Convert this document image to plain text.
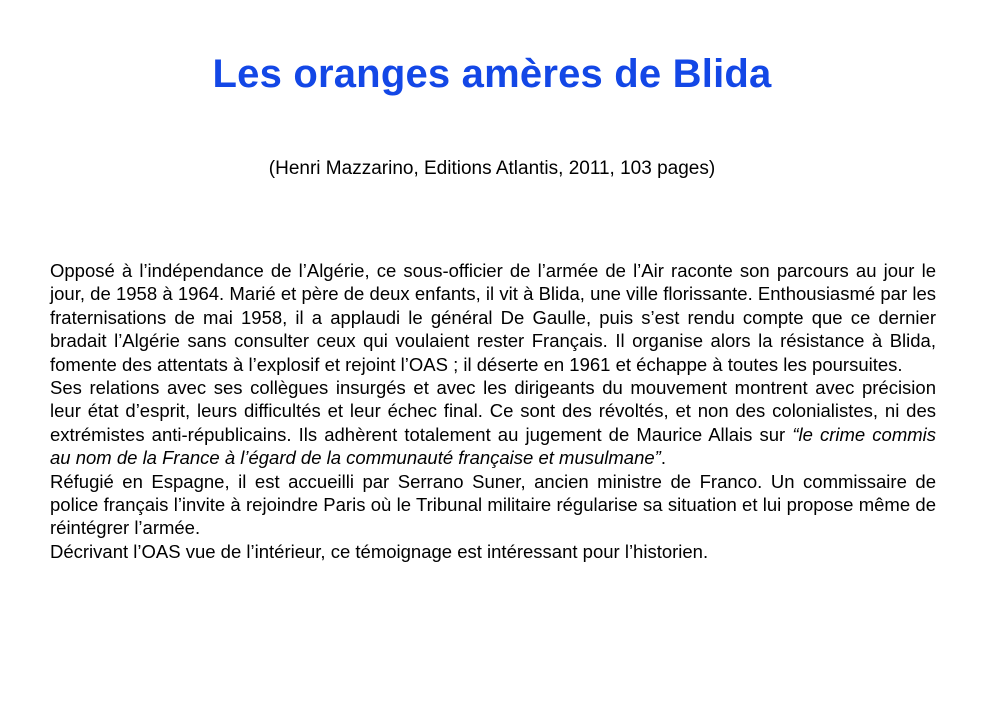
Les oranges amères de Blida
(Henri Mazzarino, Editions Atlantis, 2011, 103 pages)

Opposé à l’indépendance de l’Algérie, ce sous-officier de l’armée de l’Air raconte son parcours au jour le jour, de 1958 à 1964. Marié et père de deux enfants, il vit à Blida, une ville florissante. Enthousiasmé par les fraternisations de mai 1958, il a applaudi le général De Gaulle, puis s’est rendu compte que ce dernier bradait l’Algérie sans consulter ceux qui voulaient rester Français. Il organise alors la résistance à Blida, fomente des attentats à l’explosif et rejoint l’OAS ; il déserte en 1961 et échappe à toutes les poursuites.

Ses relations avec ses collègues insurgés et avec les dirigeants du mouvement montrent avec précision leur état d’esprit, leurs difficultés et leur échec final. Ce sont des révoltés, et non des colonialistes, ni des extrémistes anti-républicains. Ils adhèrent totalement au jugement de Maurice Allais sur “le crime commis au nom de la France à l’égard de la communauté française et musulmane”.

Réfugié en Espagne, il est accueilli par Serrano Suner, ancien ministre de Franco. Un commissaire de police français l’invite à rejoindre Paris où le Tribunal militaire régularise sa situation et lui propose même de réintégrer l’armée.

Décrivant l’OAS vue de l’intérieur, ce témoignage est intéressant pour l’historien.
